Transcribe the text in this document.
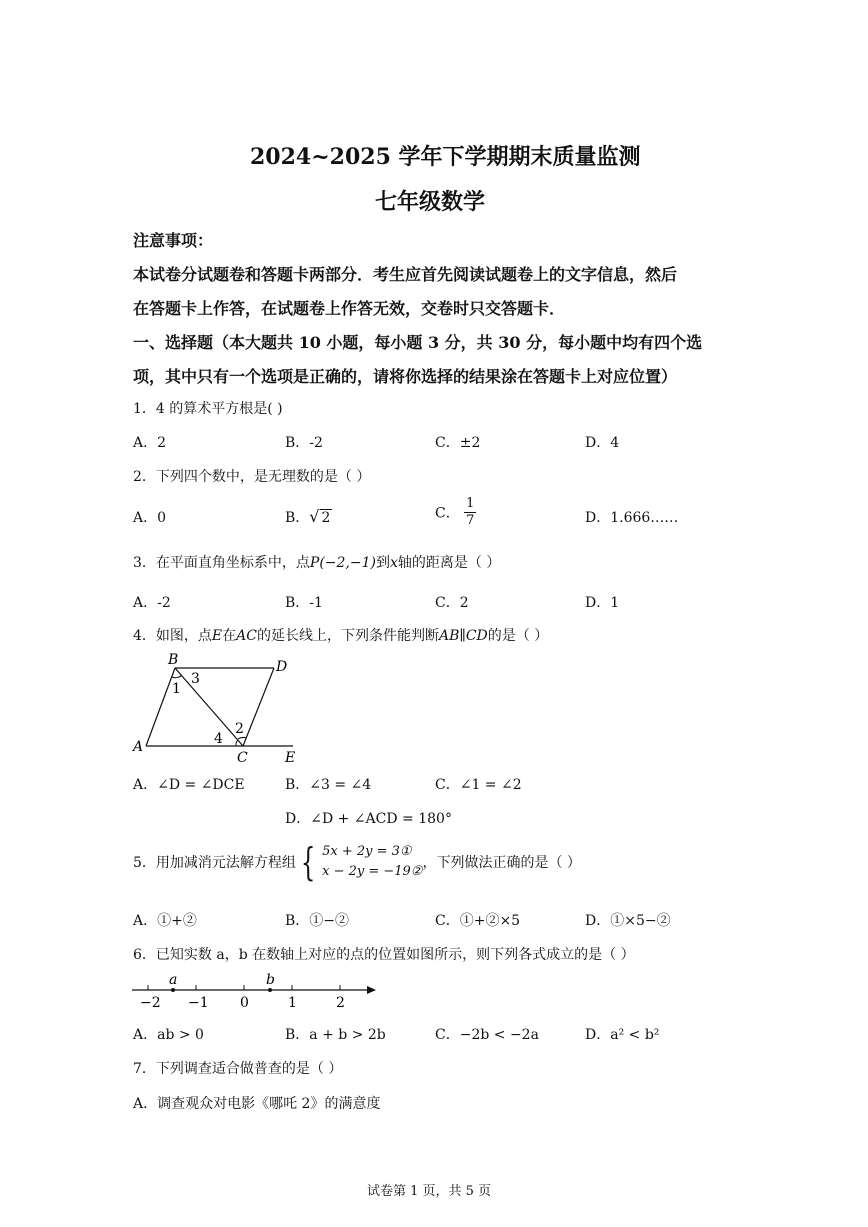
2024~2025 学年下学期期末质量监测
七年级数学
注意事项：
本试卷分试题卷和答题卡两部分．考生应首先阅读试题卷上的文字信息，然后
在答题卡上作答，在试题卷上作答无效，交卷时只交答题卡．
一、选择题（本大题共 10 小题，每小题 3 分，共 30 分，每小题中均有四个选
项，其中只有一个选项是正确的，请将你选择的结果涂在答题卡上对应位置）
1．4 的算术平方根是( )
A．2	B．-2	C．±2	D．4
2．下列四个数中，是无理数的是（ ）
A．0	B．√ 2	C． $\frac{1}{7}$	D．1.666……
3．在平面直角坐标系中，点P(−2,−1)到x轴的距离是（ ）
A．-2	B．-1	C．2	D．1
4．如图，点E在AC的延长线上，下列条件能判断AB∥CD的是（ ）
B	D
A
C	E
1
3
2
4
A．∠D = ∠DCE	B．∠3 = ∠4	C．∠1 = ∠2
D．∠D + ∠ACD = 180°
5．用加减消元法解方程组 { 5x + 2y = 3①
x − 2y = −19②
，下列做法正确的是（ ）
A．①+②	B．①−②	C．①+②×5	D．①×5−②
6．已知实数 a，b 在数轴上对应的点的位置如图所示，则下列各式成立的是（ ）
−2 −1 0	1	2
a	b
A．ab > 0	B．a + b > 2b	C．−2b < −2a	D．a² < b²
7．下列调查适合做普查的是（ ）
A．调查观众对电影《哪吒 2》的满意度
试卷第 1 页，共 5 页
